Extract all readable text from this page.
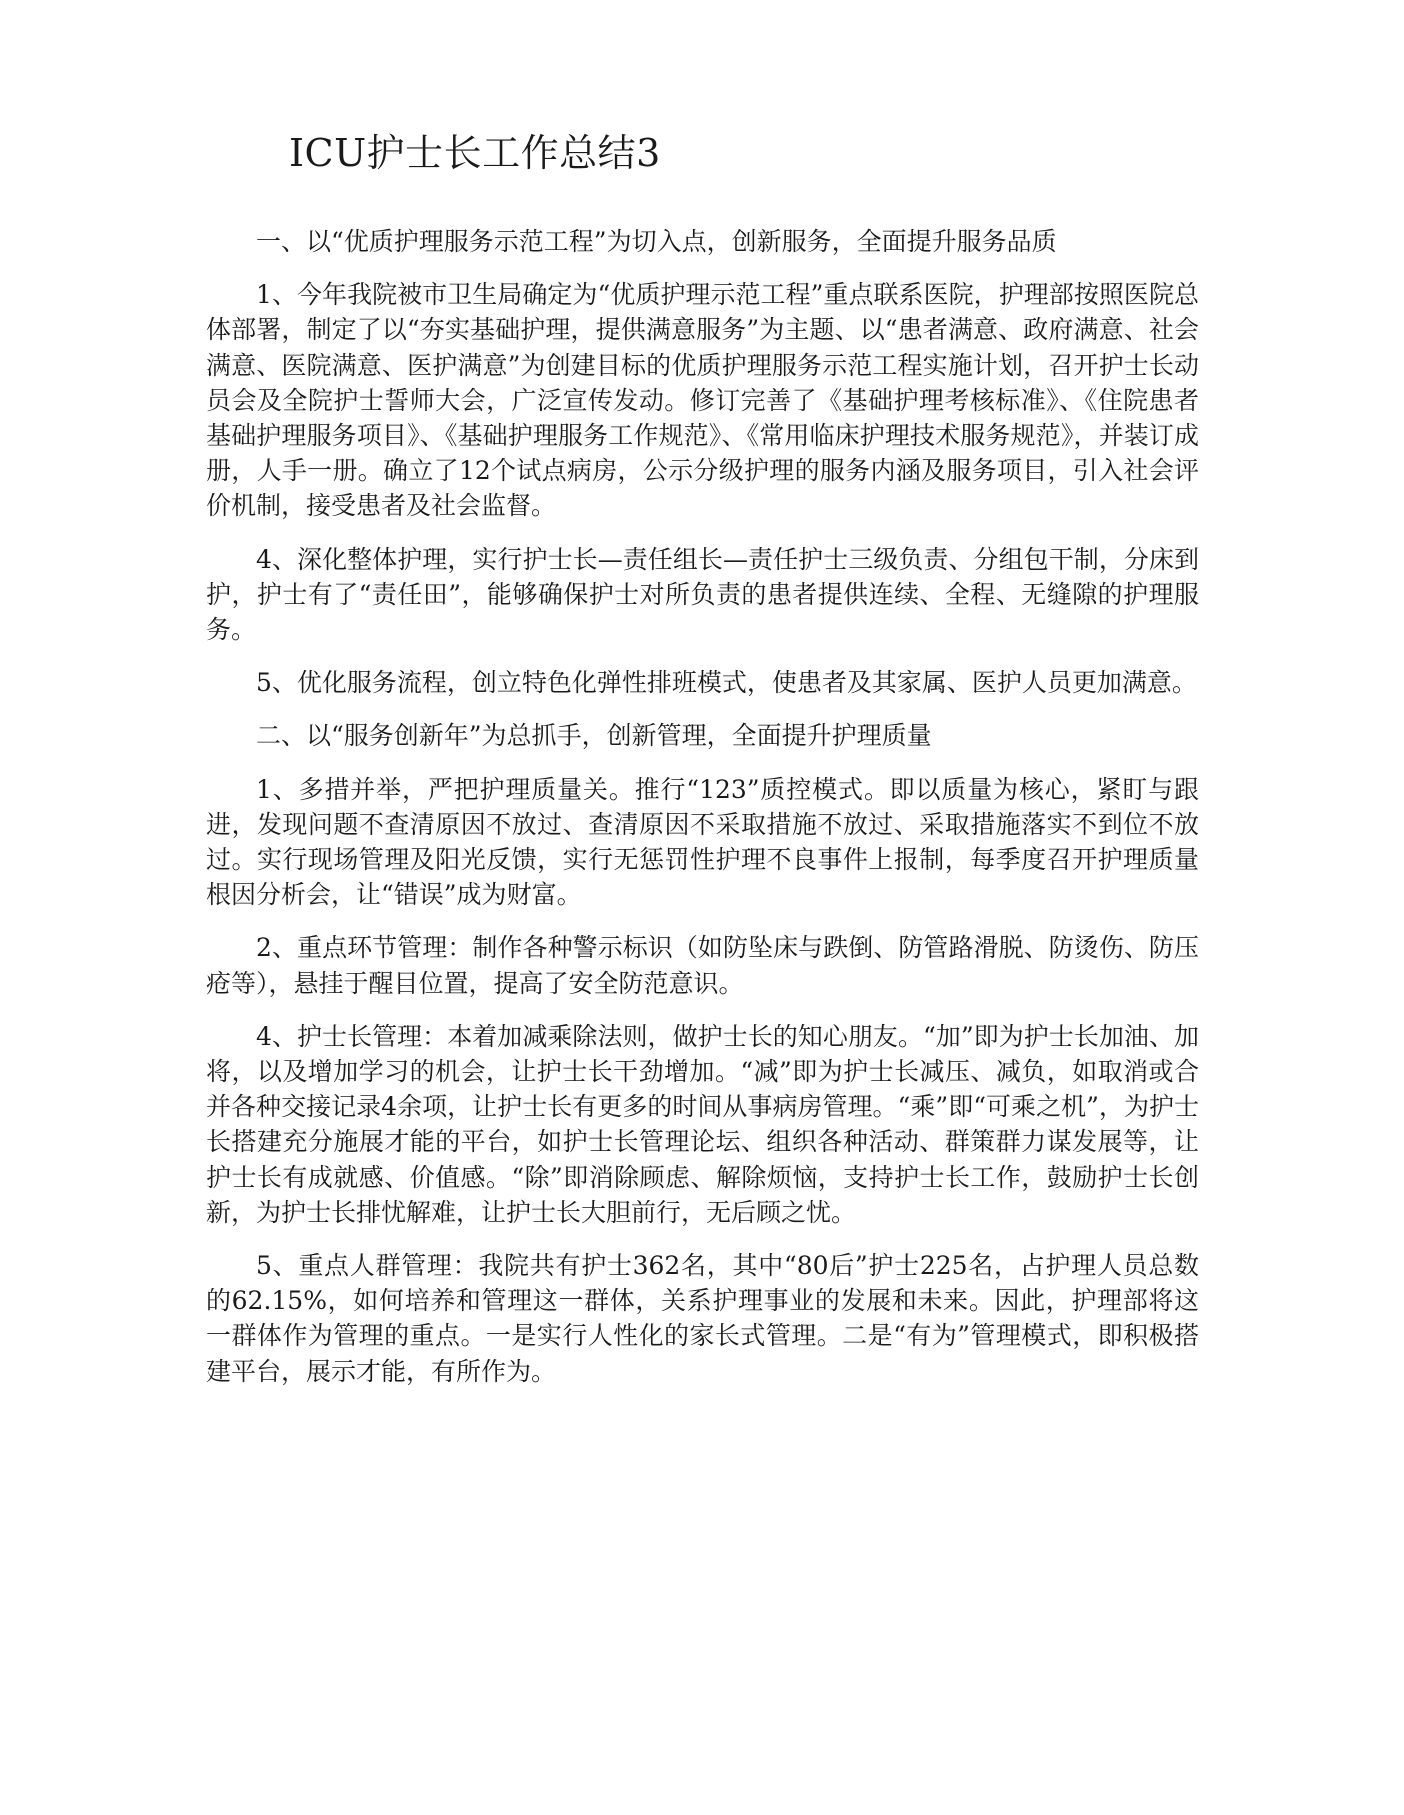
ICU护士长工作总结3

一、以“优质护理服务示范工程”为切入点，创新服务，全面提升服务品质

1、今年我院被市卫生局确定为“优质护理示范工程”重点联系医院，护理部按照医院总体部署，制定了以“夯实基础护理，提供满意服务”为主题、以“患者满意、政府满意、社会满意、医院满意、医护满意”为创建目标的优质护理服务示范工程实施计划，召开护士长动员会及全院护士誓师大会，广泛宣传发动。修订完善了《基础护理考核标准》、《住院患者基础护理服务项目》、《基础护理服务工作规范》、《常用临床护理技术服务规范》，并装订成册，人手一册。确立了12个试点病房，公示分级护理的服务内涵及服务项目，引入社会评价机制，接受患者及社会监督。

4、深化整体护理，实行护士长—责任组长—责任护士三级负责、分组包干制，分床到护，护士有了“责任田”，能够确保护士对所负责的患者提供连续、全程、无缝隙的护理服务。

5、优化服务流程，创立特色化弹性排班模式，使患者及其家属、医护人员更加满意。

二、以“服务创新年”为总抓手，创新管理，全面提升护理质量

1、多措并举，严把护理质量关。推行“123”质控模式。即以质量为核心，紧盯与跟进，发现问题不查清原因不放过、查清原因不采取措施不放过、采取措施落实不到位不放过。实行现场管理及阳光反馈，实行无惩罚性护理不良事件上报制，每季度召开护理质量根因分析会，让“错误”成为财富。

2、重点环节管理：制作各种警示标识（如防坠床与跌倒、防管路滑脱、防烫伤、防压疮等），悬挂于醒目位置，提高了安全防范意识。

4、护士长管理：本着加减乘除法则，做护士长的知心朋友。“加”即为护士长加油、加将，以及增加学习的机会，让护士长干劲增加。“减”即为护士长减压、减负，如取消或合并各种交接记录4余项，让护士长有更多的时间从事病房管理。“乘”即“可乘之机”，为护士长搭建充分施展才能的平台，如护士长管理论坛、组织各种活动、群策群力谋发展等，让护士长有成就感、价值感。“除”即消除顾虑、解除烦恼，支持护士长工作，鼓励护士长创新，为护士长排忧解难，让护士长大胆前行，无后顾之忧。

5、重点人群管理：我院共有护士362名，其中“80后”护士225名，占护理人员总数的62.15%，如何培养和管理这一群体，关系护理事业的发展和未来。因此，护理部将这一群体作为管理的重点。一是实行人性化的家长式管理。二是“有为”管理模式，即积极搭建平台，展示才能，有所作为。
